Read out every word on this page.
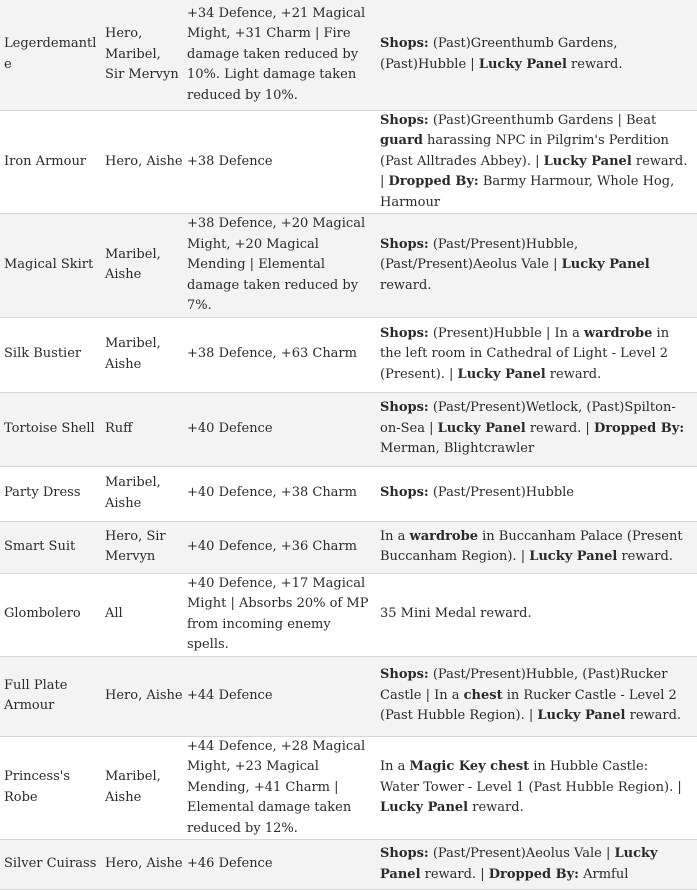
Legerdemantle	Hero, Maribel, Sir Mervyn	+34 Defence, +21 Magical Might, +31 Charm | Fire damage taken reduced by 10%. Light damage taken reduced by 10%.	Shops: (Past)Greenthumb Gardens, (Past)Hubble | Lucky Panel reward.
Iron Armour	Hero, Aishe	+38 Defence	Shops: (Past)Greenthumb Gardens | Beat guard harassing NPC in Pilgrim's Perdition (Past Alltrades Abbey). | Lucky Panel reward. | Dropped By: Barmy Harmour, Whole Hog, Harmour
Magical Skirt	Maribel, Aishe	+38 Defence, +20 Magical Might, +20 Magical Mending | Elemental damage taken reduced by 7%.	Shops: (Past/Present)Hubble, (Past/Present)Aeolus Vale | Lucky Panel reward.
Silk Bustier	Maribel, Aishe	+38 Defence, +63 Charm	Shops: (Present)Hubble | In a wardrobe in the left room in Cathedral of Light - Level 2 (Present). | Lucky Panel reward.
Tortoise Shell	Ruff	+40 Defence	Shops: (Past/Present)Wetlock, (Past)Spilton-on-Sea | Lucky Panel reward. | Dropped By: Merman, Blightcrawler
Party Dress	Maribel, Aishe	+40 Defence, +38 Charm	Shops: (Past/Present)Hubble
Smart Suit	Hero, Sir Mervyn	+40 Defence, +36 Charm	In a wardrobe in Buccanham Palace (Present Buccanham Region). | Lucky Panel reward.
Glombolero	All	+40 Defence, +17 Magical Might | Absorbs 20% of MP from incoming enemy spells.	35 Mini Medal reward.
Full Plate Armour	Hero, Aishe	+44 Defence	Shops: (Past/Present)Hubble, (Past)Rucker Castle | In a chest in Rucker Castle - Level 2 (Past Hubble Region). | Lucky Panel reward.
Princess's Robe	Maribel, Aishe	+44 Defence, +28 Magical Might, +23 Magical Mending, +41 Charm | Elemental damage taken reduced by 12%.	In a Magic Key chest in Hubble Castle: Water Tower - Level 1 (Past Hubble Region). | Lucky Panel reward.
Silver Cuirass	Hero, Aishe	+46 Defence	Shops: (Past/Present)Aeolus Vale | Lucky Panel reward. | Dropped By: Armful
